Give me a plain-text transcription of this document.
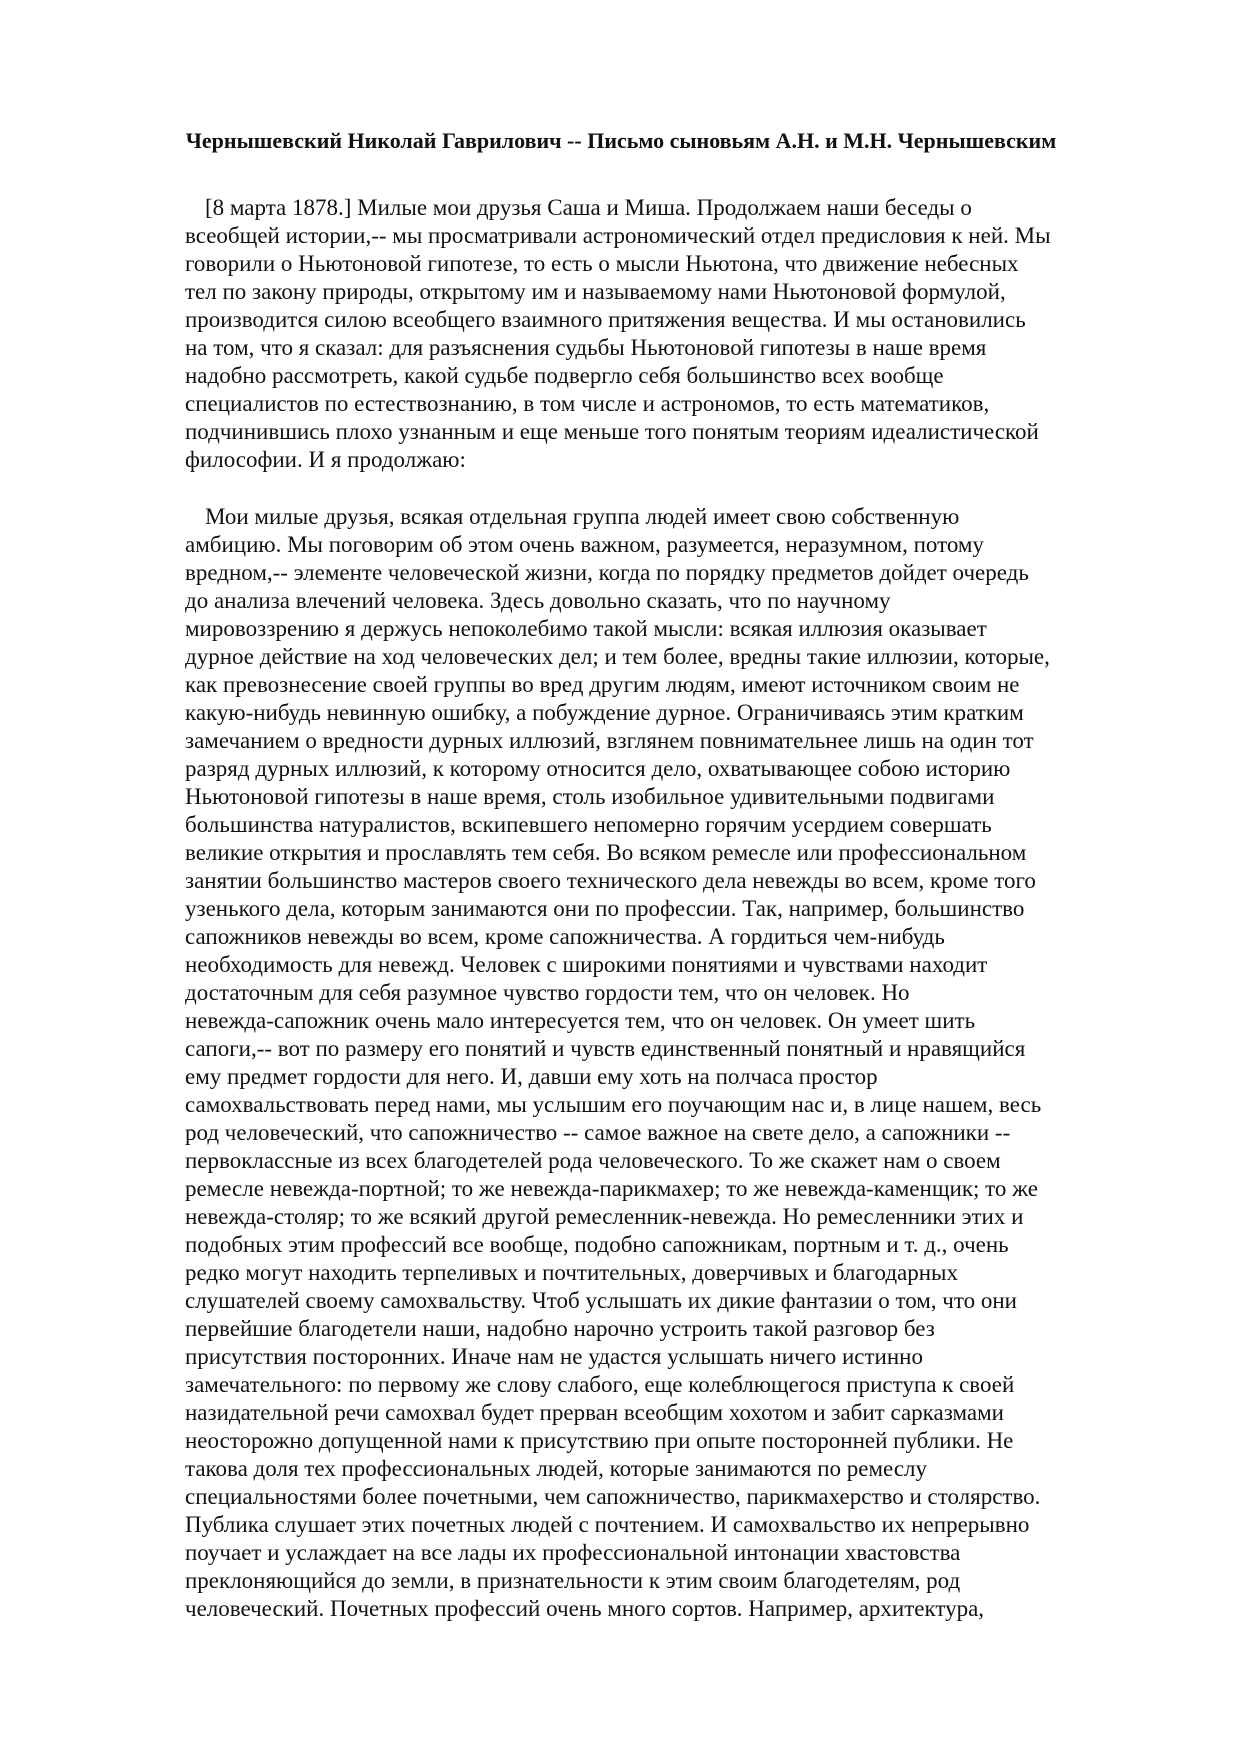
Чернышевский Николай Гаврилович -- Письмо сыновьям А.Н. и М.Н. Чернышевским

[8 марта 1878.] Милые мои друзья Саша и Миша. Продолжаем наши беседы о

всеобщей истории,-- мы просматривали астрономический отдел предисловия к ней. Мы

говорили о Ньютоновой гипотезе, то есть о мысли Ньютона, что движение небесных

тел по закону природы, открытому им и называемому нами Ньютоновой формулой,

производится силою всеобщего взаимного притяжения вещества. И мы остановились

на том, что я сказал: для разъяснения судьбы Ньютоновой гипотезы в наше время

надобно рассмотреть, какой судьбе подвергло себя большинство всех вообще

специалистов по естествознанию, в том числе и астрономов, то есть математиков,

подчинившись плохо узнанным и еще меньше того понятым теориям идеалистической

философии. И я продолжаю:

Мои милые друзья, всякая отдельная группа людей имеет свою собственную

амбицию. Мы поговорим об этом очень важном, разумеется, неразумном, потому

вредном,-- элементе человеческой жизни, когда по порядку предметов дойдет очередь

до анализа влечений человека. Здесь довольно сказать, что по научному

мировоззрению я держусь непоколебимо такой мысли: всякая иллюзия оказывает

дурное действие на ход человеческих дел; и тем более, вредны такие иллюзии, которые,

как превознесение своей группы во вред другим людям, имеют источником своим не

какую-нибудь невинную ошибку, а побуждение дурное. Ограничиваясь этим кратким

замечанием о вредности дурных иллюзий, взглянем повнимательнее лишь на один тот

разряд дурных иллюзий, к которому относится дело, охватывающее собою историю

Ньютоновой гипотезы в наше время, столь изобильное удивительными подвигами

большинства натуралистов, вскипевшего непомерно горячим усердием совершать

великие открытия и прославлять тем себя. Во всяком ремесле или профессиональном

занятии большинство мастеров своего технического дела невежды во всем, кроме того

узенького дела, которым занимаются они по профессии. Так, например, большинство

сапожников невежды во всем, кроме сапожничества. А гордиться чем-нибудь

необходимость для невежд. Человек с широкими понятиями и чувствами находит

достаточным для себя разумное чувство гордости тем, что он человек. Но

невежда-сапожник очень мало интересуется тем, что он человек. Он умеет шить

сапоги,-- вот по размеру его понятий и чувств единственный понятный и нравящийся

ему предмет гордости для него. И, давши ему хоть на полчаса простор

самохвальствовать перед нами, мы услышим его поучающим нас и, в лице нашем, весь

род человеческий, что сапожничество -- самое важное на свете дело, а сапожники --

первоклассные из всех благодетелей рода человеческого. То же скажет нам о своем

ремесле невежда-портной; то же невежда-парикмахер; то же невежда-каменщик; то же

невежда-столяр; то же всякий другой ремесленник-невежда. Но ремесленники этих и

подобных этим профессий все вообще, подобно сапожникам, портным и т. д., очень

редко могут находить терпеливых и почтительных, доверчивых и благодарных

слушателей своему самохвальству. Чтоб услышать их дикие фантазии о том, что они

первейшие благодетели наши, надобно нарочно устроить такой разговор без

присутствия посторонних. Иначе нам не удастся услышать ничего истинно

замечательного: по первому же слову слабого, еще колеблющегося приступа к своей

назидательной речи самохвал будет прерван всеобщим хохотом и забит сарказмами

неосторожно допущенной нами к присутствию при опыте посторонней публики. Не

такова доля тех профессиональных людей, которые занимаются по ремеслу

специальностями более почетными, чем сапожничество, парикмахерство и столярство.

Публика слушает этих почетных людей с почтением. И самохвальство их непрерывно

поучает и услаждает на все лады их профессиональной интонации хвастовства

преклоняющийся до земли, в признательности к этим своим благодетелям, род

человеческий. Почетных профессий очень много сортов. Например, архитектура,
